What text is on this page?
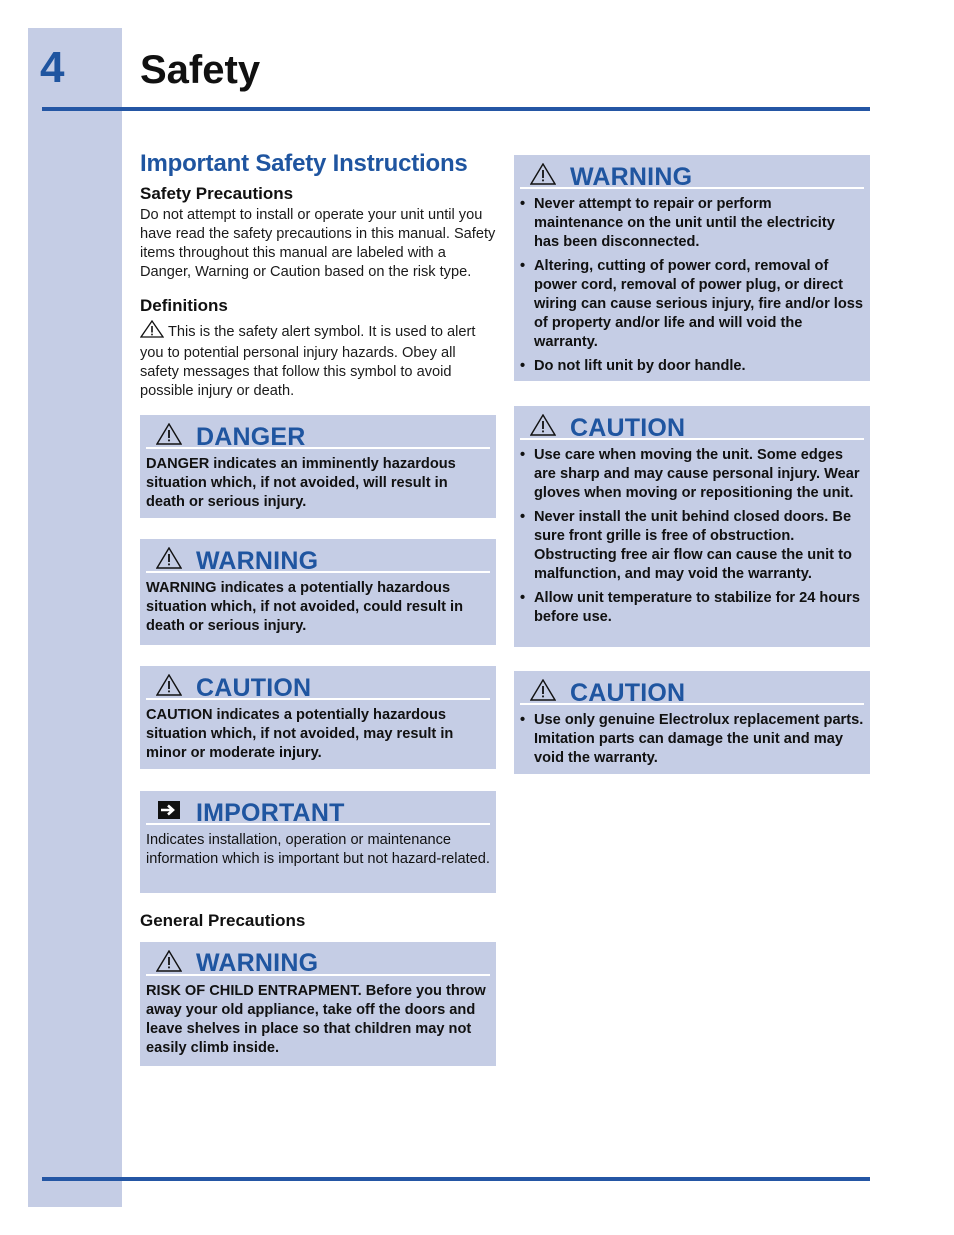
4	Safety
Important Safety Instructions
Safety Precautions

Do not attempt to install or operate your unit until you have read the safety precautions in this manual. Safety items throughout this manual are labeled with a Danger, Warning or Caution based on the risk type.

Definitions

This is the safety alert symbol. It is used to alert you to potential personal injury hazards. Obey all safety messages that follow this symbol to avoid possible injury or death.

DANGER

DANGER indicates an imminently hazardous situation which, if not avoided, will result in death or serious injury.

WARNING

WARNING indicates a potentially hazardous situation which, if not avoided, could result in death or serious injury.

CAUTION

CAUTION indicates a potentially hazardous situation which, if not avoided, may result in minor or moderate injury.

IMPORTANT

Indicates installation, operation or maintenance information which is important but not hazard-related.

General Precautions
WARNING

RISK OF CHILD ENTRAPMENT. Before you throw away your old appliance, take off the doors and leave shelves in place so that children may not easily climb inside.

WARNING
• Never attempt to repair or perform maintenance on the unit until the electricity has been disconnected.
• Altering, cutting of power cord, removal of power cord, removal of power plug, or direct wiring can cause serious injury, fire and/or loss of property and/or life and will void the warranty.
• Do not lift unit by door handle.
CAUTION
• Use care when moving the unit. Some edges are sharp and may cause personal injury. Wear gloves when moving or repositioning the unit.
• Never install the unit behind closed doors. Be sure front grille is free of obstruction. Obstructing free air flow can cause the unit to malfunction, and may void the warranty.
• Allow unit temperature to stabilize for 24 hours before use.
CAUTION
• Use only genuine Electrolux replacement parts. Imitation parts can damage the unit and may void the warranty.
